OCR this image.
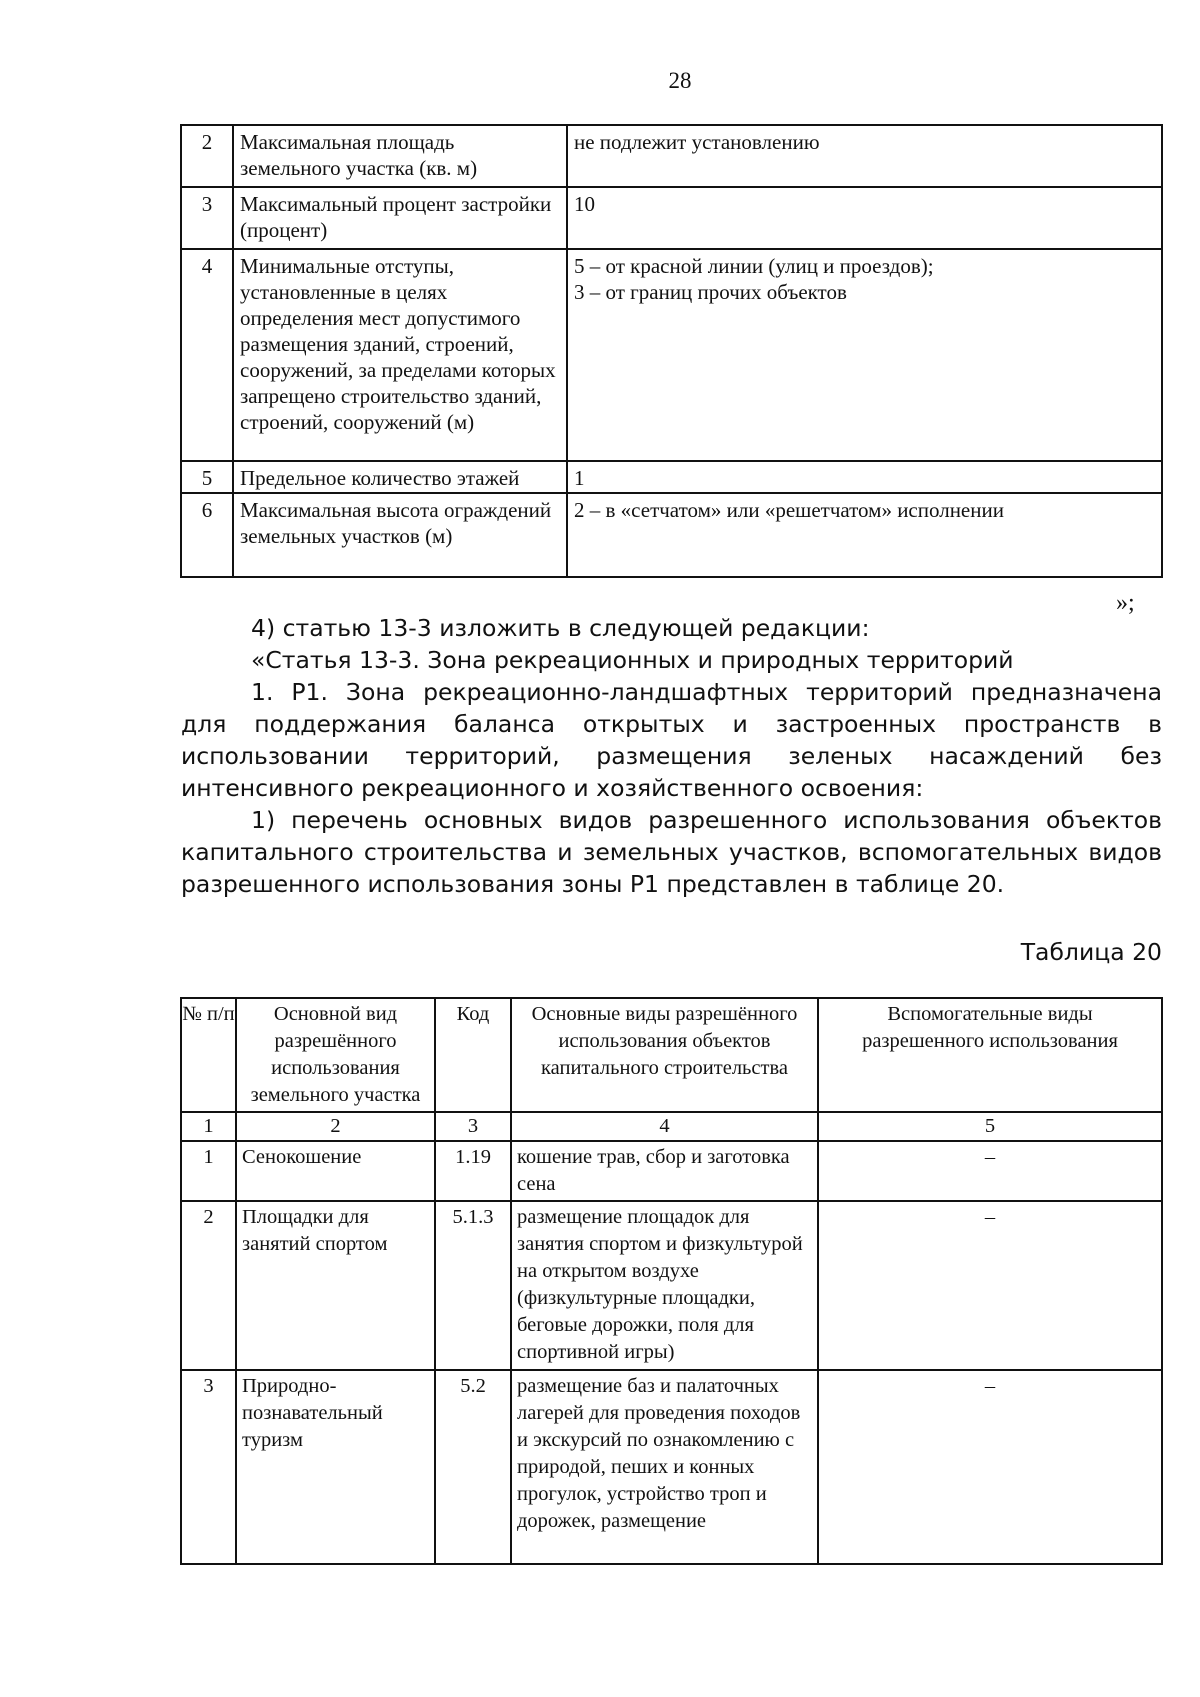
28
2	Максимальная площадь земельного участка (кв. м)	не подлежит установлению
3	Максимальный процент застройки (процент)	10
4	Минимальные отступы, установленные в целях определения мест допустимого размещения зданий, строений, сооружений, за пределами которых запрещено строительство зданий, строений, сооружений (м)	5 – от красной линии (улиц и проездов);
3 – от границ прочих объектов

5	Предельное количество этажей	1
6	Максимальная высота ограждений земельных участков (м)	2 – в «сетчатом» или «решетчатом» исполнении
»;

4) статью 13-3 изложить в следующей редакции:

«Статья 13-3. Зона рекреационных и природных территорий

1. Р1. Зона рекреационно-ландшафтных территорий предназначена для поддержания баланса открытых и застроенных пространств в использовании территорий, размещения зеленых насаждений без интенсивного рекреационного и хозяйственного освоения:

1) перечень основных видов разрешенного использования объектов капитального строительства и земельных участков, вспомогательных видов разрешенного использования зоны Р1 представлен в таблице 20.

Таблица 20
№ п/п	Основной вид разрешённого использования земельного участка	Код	Основные виды разрешённого использования объектов капитального строительства	Вспомогательные виды разрешенного использования
1	2	3	4	5
1	Сенокошение	1.19	кошение трав, сбор и заготовка сена	–
2	Площадки для занятий спортом	5.1.3	размещение площадок для занятия спортом и физкультурой на открытом воздухе (физкультурные площадки, беговые дорожки, поля для спортивной игры)	–
3	Природно-познавательный туризм	5.2	размещение баз и палаточных лагерей для проведения походов и экскурсий по ознакомлению с природой, пеших и конных прогулок, устройство троп и дорожек, размещение	–
